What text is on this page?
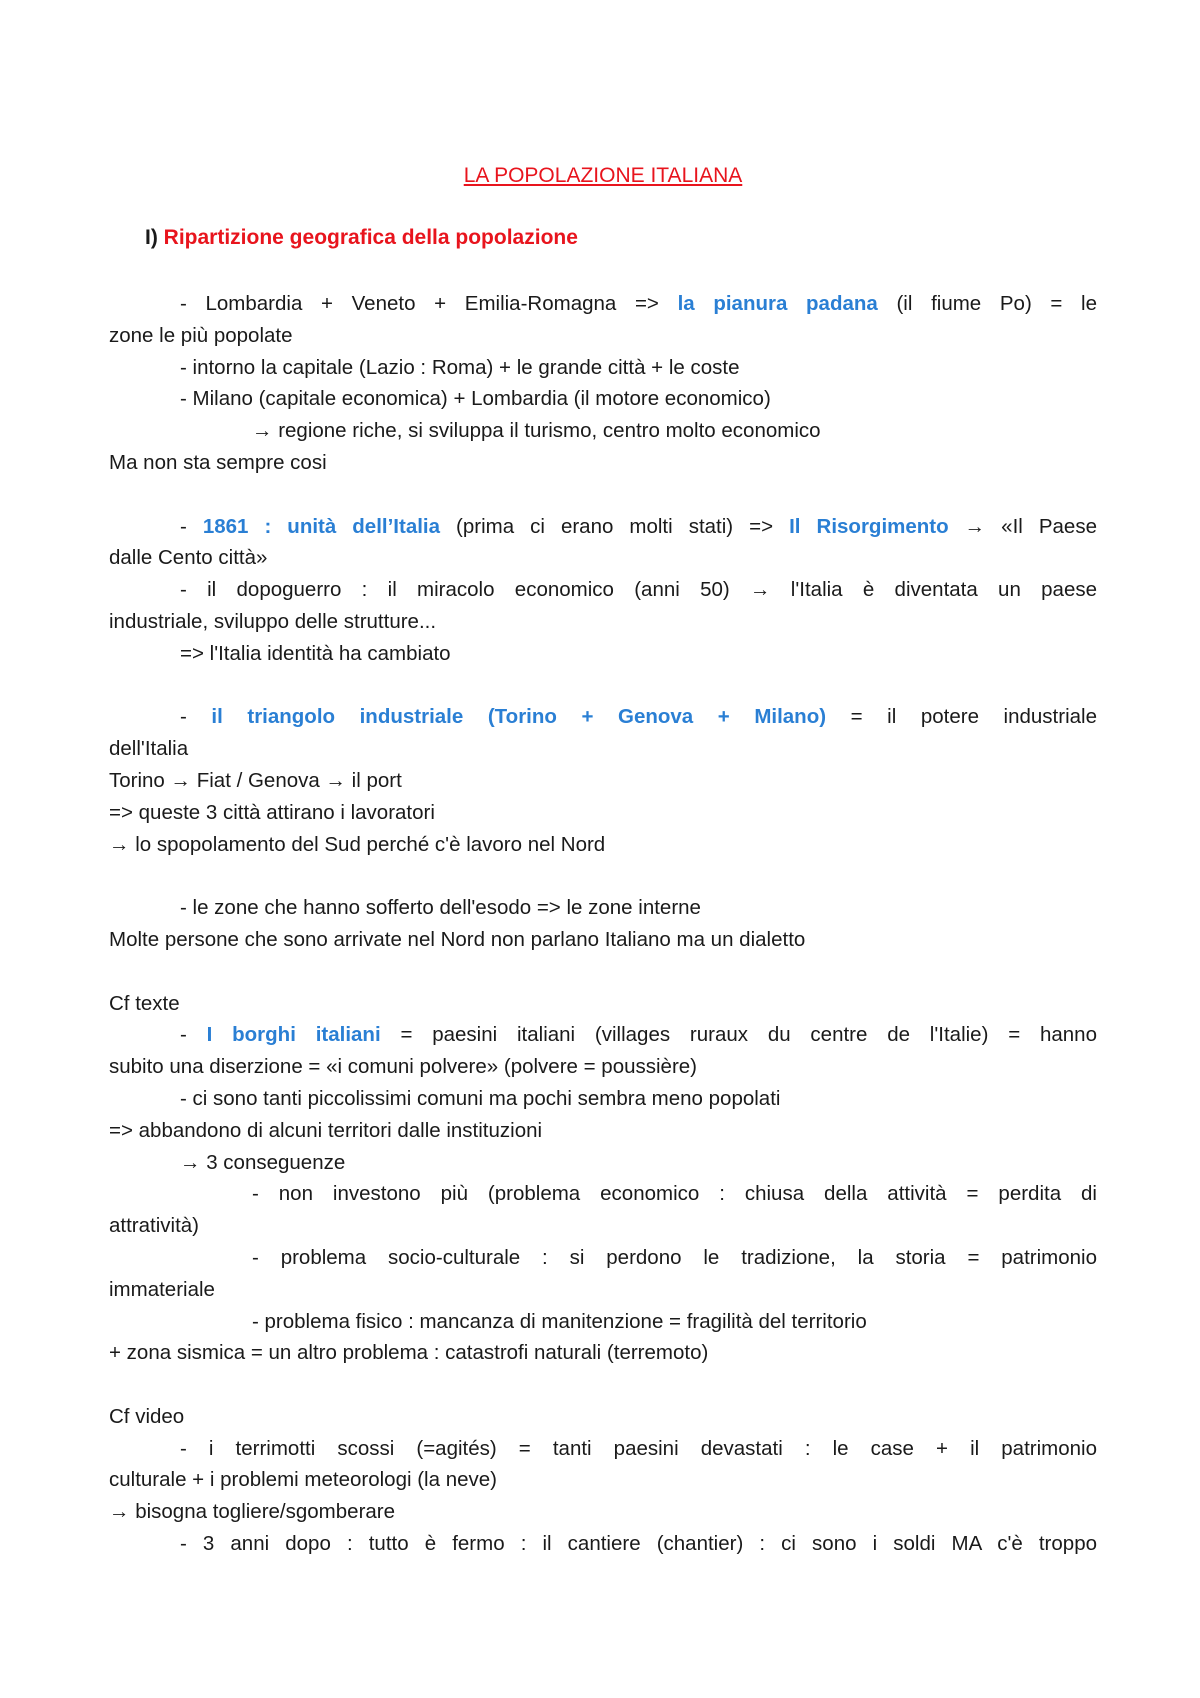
LA POPOLAZIONE ITALIANA
I) Ripartizione geografica della popolazione
- Lombardia + Veneto + Emilia-Romagna => la pianura padana (il fiume Po) = le
zone le più popolate
- intorno la capitale (Lazio : Roma) + le grande città + le coste
- Milano (capitale economica) + Lombardia (il motore economico)
→ regione riche, si sviluppa il turismo, centro molto economico
Ma non sta sempre cosi
- 1861 : unità dell’Italia (prima ci erano molti stati) => Il Risorgimento → «Il Paese
dalle Cento città»
- il dopoguerro : il miracolo economico (anni 50) → l'Italia è diventata un paese
industriale, sviluppo delle strutture...
=> l'Italia identità ha cambiato
- il triangolo industriale (Torino + Genova + Milano) = il potere industriale
dell'Italia
Torino → Fiat / Genova → il port
=> queste 3 città attirano i lavoratori
→ lo spopolamento del Sud perché c'è lavoro nel Nord
- le zone che hanno sofferto dell'esodo => le zone interne
Molte persone che sono arrivate nel Nord non parlano Italiano ma un dialetto
Cf texte
- I borghi italiani = paesini italiani (villages ruraux du centre de l'Italie) = hanno
subito una diserzione = «i comuni polvere» (polvere = poussière)
- ci sono tanti piccolissimi comuni ma pochi sembra meno popolati
=> abbandono di alcuni territori dalle instituzioni
→ 3 conseguenze
- non investono più (problema economico : chiusa della attività = perdita di
attratività)
- problema socio-culturale : si perdono le tradizione, la storia = patrimonio
immateriale
- problema fisico : mancanza di manitenzione = fragilità del territorio
+ zona sismica = un altro problema : catastrofi naturali (terremoto)
Cf video
- i terrimotti scossi (=agités) = tanti paesini devastati : le case + il patrimonio
culturale + i problemi meteorologi (la neve)
→ bisogna togliere/sgomberare
- 3 anni dopo : tutto è fermo : il cantiere (chantier) : ci sono i soldi MA c'è troppo
